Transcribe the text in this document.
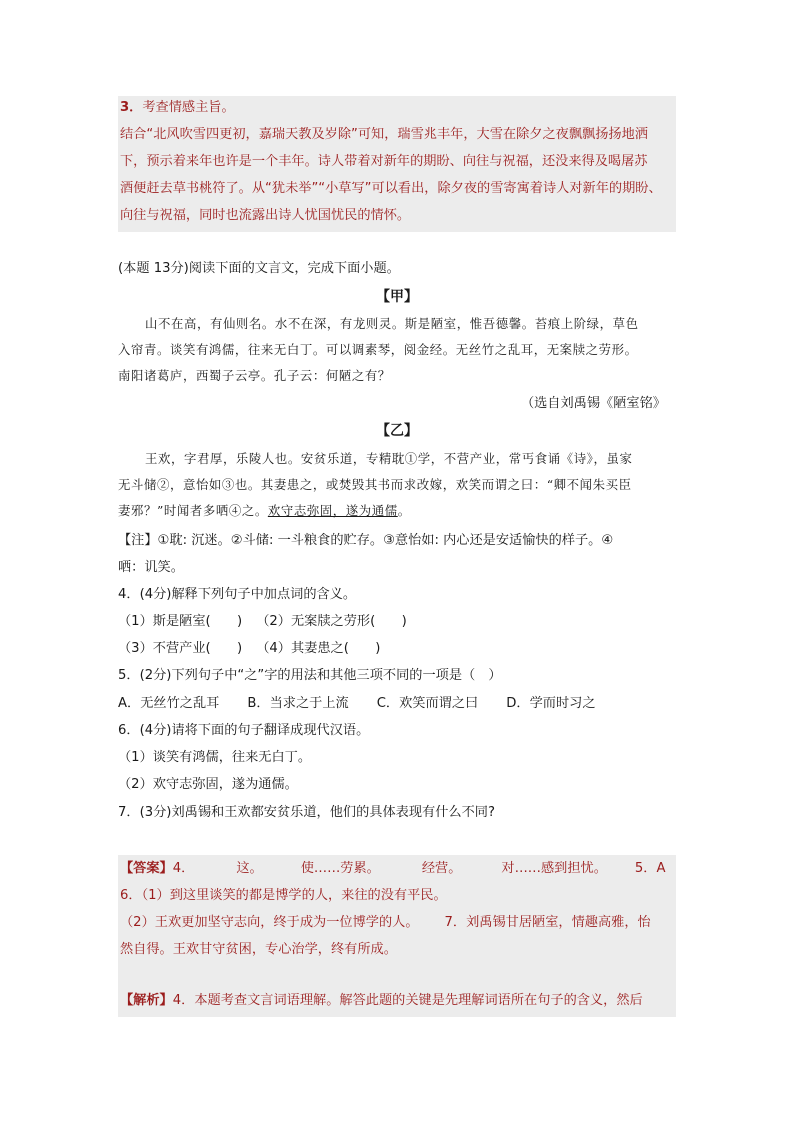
3．考查情感主旨。
结合“北风吹雪四更初，嘉瑞天教及岁除”可知，瑞雪兆丰年，大雪在除夕之夜飘飘扬扬地洒
下，预示着来年也许是一个丰年。诗人带着对新年的期盼、向往与祝福，还没来得及喝屠苏
酒便赶去草书桃符了。从“犹未举”“小草写”可以看出，除夕夜的雪寄寓着诗人对新年的期盼、
向往与祝福，同时也流露出诗人忧国忧民的情怀。
(本题 13分)阅读下面的文言文，完成下面小题。
【甲】
山不在高，有仙则名。水不在深，有龙则灵。斯是陋室，惟吾德馨。苔痕上阶绿，草色
入帘青。谈笑有鸿儒，往来无白丁。可以调素琴，阅金经。无丝竹之乱耳，无案牍之劳形。
南阳诸葛庐，西蜀子云亭。孔子云：何陋之有？
（选自刘禹锡《陋室铭》
【乙】
王欢，字君厚，乐陵人也。安贫乐道，专精耽①学，不营产业，常丐食诵《诗》，虽家
无斗储②，意怡如③也。其妻患之，或焚毁其书而求改嫁，欢笑而谓之曰：“卿不闻朱买臣
妻邪？”时闻者多哂④之。欢守志弥固，遂为通儒。
【注】①耽: 沉迷。②斗储: 一斗粮食的贮存。③意怡如: 内心还是安适愉快的样子。④
哂：讥笑。
4．(4分)解释下列句子中加点词的含义。
（1）斯是陋室(　　) （2）无案牍之劳形(　　)
（3）不营产业(　　) （4）其妻患之(　　)
5．(2分)下列句子中“之”字的用法和其他三项不同的一项是（　）
A．无丝竹之乱耳 B．当求之于上流 C．欢笑而谓之曰 D．学而时习之
6．(4分)请将下面的句子翻译成现代汉语。
（1）谈笑有鸿儒，往来无白丁。
（2）欢守志弥固，遂为通儒。
7．(3分)刘禹锡和王欢都安贫乐道，他们的具体表现有什么不同?
【答案】4．	这。	使……劳累。	经营。	对……感到担忧。 5．A
6．（1）到这里谈笑的都是博学的人，来往的没有平民。
（2）王欢更加坚守志向，终于成为一位博学的人。 7．刘禹锡甘居陋室，情趣高雅，怡
然自得。王欢甘守贫困，专心治学，终有所成。
【解析】4．本题考查文言词语理解。解答此题的关键是先理解词语所在句子的含义，然后
